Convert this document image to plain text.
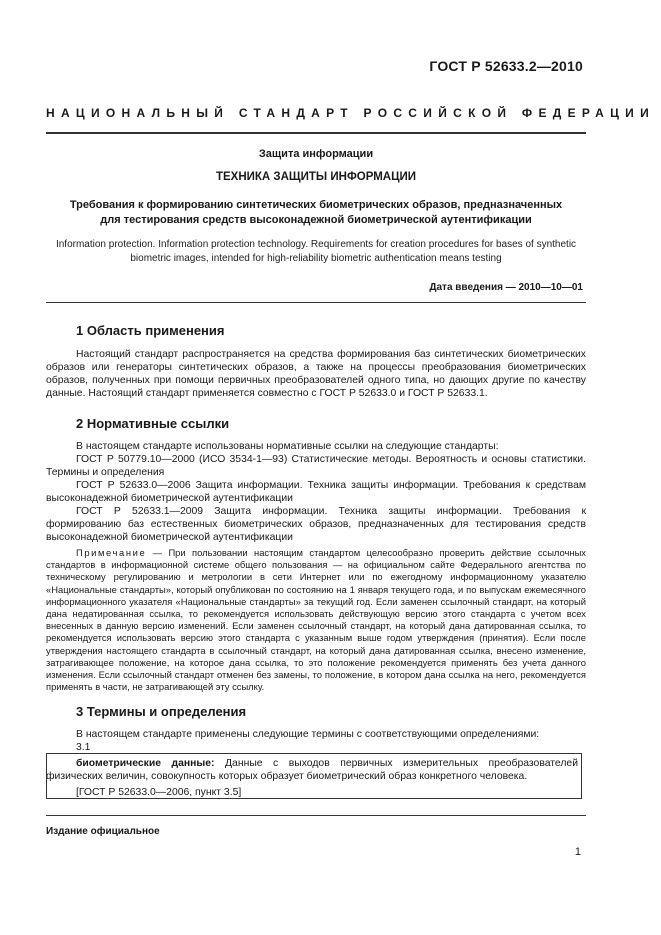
ГОСТ Р 52633.2—2010
НАЦИОНАЛЬНЫЙ СТАНДАРТ РОССИЙСКОЙ ФЕДЕРАЦИИ
Защита информации
ТЕХНИКА ЗАЩИТЫ ИНФОРМАЦИИ
Требования к формированию синтетических биометрических образов, предназначенных
для тестирования средств высоконадежной биометрической аутентификации
Information protection. Information protection technology. Requirements for creation procedures for bases of synthetic
biometric images, intended for high-reliability biometric authentication means testing
Дата введения — 2010—10—01
1 Область применения

Настоящий стандарт распространяется на средства формирования баз синтетических биометрических образов или генераторы синтетических образов, а также на процессы преобразования биометрических образов, полученных при помощи первичных преобразователей одного типа, но дающих другие по качеству данные. Настоящий стандарт применяется совместно с ГОСТ Р 52633.0 и ГОСТ Р 52633.1.

2 Нормативные ссылки

В настоящем стандарте использованы нормативные ссылки на следующие стандарты:

ГОСТ Р 50779.10—2000 (ИСО 3534-1—93) Статистические методы. Вероятность и основы статистики. Термины и определения

ГОСТ Р 52633.0—2006 Защита информации. Техника защиты информации. Требования к средствам высоконадежной биометрической аутентификации

ГОСТ Р 52633.1—2009 Защита информации. Техника защиты информации. Требования к формированию баз естественных биометрических образов, предназначенных для тестирования средств высоконадежной биометрической аутентификации

Примечание — При пользовании настоящим стандартом целесообразно проверить действие ссылочных стандартов в информационной системе общего пользования — на официальном сайте Федерального агентства по техническому регулированию и метрологии в сети Интернет или по ежегодному информационному указателю «Национальные стандарты», который опубликован по состоянию на 1 января текущего года, и по выпускам ежемесячного информационного указателя «Национальные стандарты» за текущий год. Если заменен ссылочный стандарт, на который дана недатированная ссылка, то рекомендуется использовать действующую версию этого стандарта с учетом всех внесенных в данную версию изменений. Если заменен ссылочный стандарт, на который дана датированная ссылка, то рекомендуется использовать версию этого стандарта с указанным выше годом утверждения (принятия). Если после утверждения настоящего стандарта в ссылочный стандарт, на который дана датированная ссылка, внесено изменение, затрагивающее положение, на которое дана ссылка, то это положение рекомендуется применять без учета данного изменения. Если ссылочный стандарт отменен без замены, то положение, в котором дана ссылка на него, рекомендуется применять в части, не затрагивающей эту ссылку.

3 Термины и определения

В настоящем стандарте применены следующие термины с соответствующими определениями:

3.1

биометрические данные: Данные с выходов первичных измерительных преобразователей физических величин, совокупность которых образует биометрический образ конкретного человека.

[ГОСТ Р 52633.0—2006, пункт 3.5]
Издание официальное
1
